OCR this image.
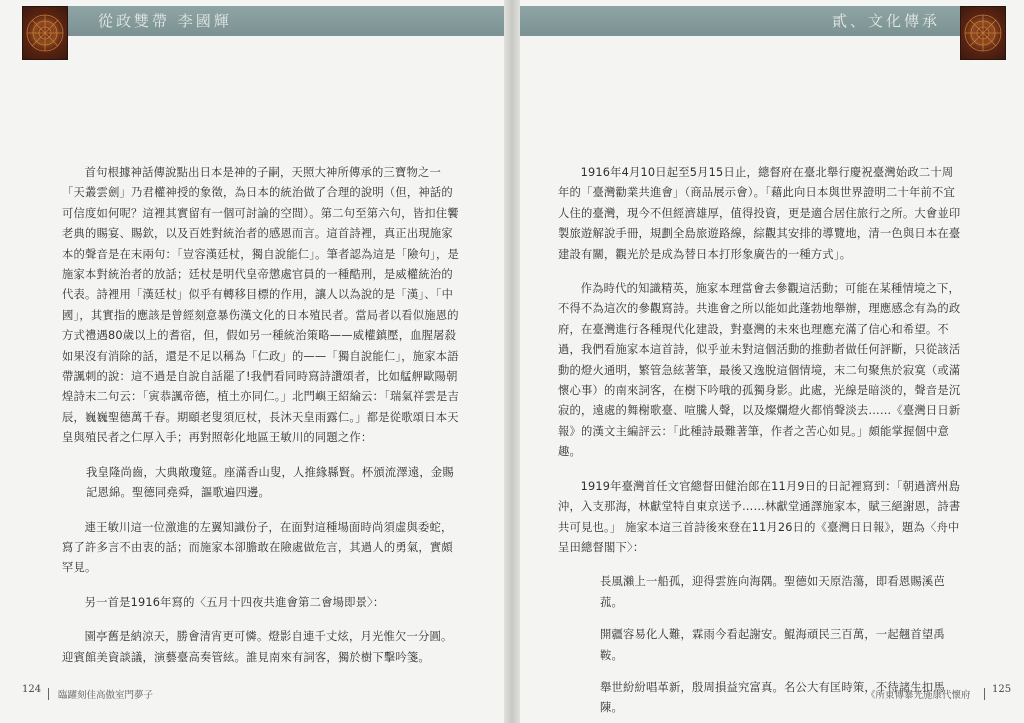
從政雙帶 李國輝	貳、文化傳承

首句根據神話傳說點出日本是神的子嗣，天照大神所傳承的三寶物之一「天叢雲劍」乃君權神授的象徵，為日本的統治做了合理的說明（但，神話的可信度如何呢？這裡其實留有一個可討論的空間）。第二句至第六句，皆扣住饗老典的賜宴、賜欽，以及百姓對統治者的感恩而言。這首詩裡，真正出現施家本的聲音是在末兩句：「豈容漢廷杖，獨自說能仁」。筆者認為這是「險句」，是施家本對統治者的放話；廷杖是明代皇帝懲處官員的一種酷刑，是威權統治的代表。詩裡用「漢廷杖」似乎有轉移目標的作用，讓人以為說的是「漢」、「中國」，其實指的應該是曾經刻意暴伤漢文化的日本殖民者。當局者以看似施恩的方式禮遇80歲以上的耆宿，但，假如另一種統治策略——威權鎮壓，血腥屠殺如果沒有消除的話，還是不足以稱為「仁政」的——「獨自說能仁」，施家本語帶諷刺的說：這不過是自說自話罷了!我們看同時寫詩讚頌者，比如艋舺歐陽朝煌詩末二句云：「寅恭諷帝德，植土亦同仁。」北門嶼王紹綸云：「瑞氣祥雲是吉辰，巍巍聖德萬千春。期頤老叟須厄杖，長沐天皇雨露仁。」都是從歌頌日本天皇與殖民者之仁厚入手；再對照彰化地區王敏川的同題之作：

我皇隆尚齒，大典敞瓊筵。座滿香山叟，人推緣縣賢。杯頒流澤遠，金賜記恩綿。聖德同堯舜，謳歌遍四邊。

連王敏川這一位激進的左翼知識份子，在面對這種場面時尚須虛與委蛇，寫了許多言不由衷的話；而施家本卻膽敢在險處做危言，其過人的勇氣，實頗罕見。

另一首是1916年寫的〈五月十四夜共進會第二會場即景〉：

園亭舊是納涼天，勝會清宵更可憐。燈影自連千丈炫，月光惟欠一分圓。迎賓館美資談議，演藝臺高奏管絃。誰見南來有詞客，獨於樹下擊吟箋。

1916年4月10日起至5月15日止，總督府在臺北舉行慶祝臺灣始政二十周年的「臺灣勸業共進會」（商品展示會）。「藉此向日本與世界證明二十年前不宜人住的臺灣，現今不但經濟雄厚，值得投資，更是適合居住旅行之所。大會並印製旅遊解說手冊，規劃全島旅遊路線，綜觀其安排的導覽地，清一色與日本在臺建設有關，觀光於是成為替日本打形象廣告的一種方式」。

作為時代的知識精英，施家本理當會去參觀這活動；可能在某種情境之下，不得不為這次的參觀寫詩。共進會之所以能如此蓬勃地舉辦，理應感念有為的政府，在臺灣進行各種現代化建設，對臺灣的未來也理應充滿了信心和希望。不過，我們看施家本這首詩，似乎並未對這個活動的推動者做任何評斷，只從該活動的燈火通明，繁管急絃著筆，最後又逸脫這個情境，末二句聚焦於寂寞（或滿懷心事）的南來詞客，在樹下吟哦的孤獨身影。此處，光線是暗淡的，聲音是沉寂的，遠處的舞榭歌臺、喧騰人聲，以及燦爛燈火都悄聲淡去……《臺灣日日新報》的漢文主編評云：「此種詩最難著筆，作者之苦心如見。」頗能掌握個中意趣。

1919年臺灣首任文官總督田健治郎在11月9日的日記裡寫到：「朝過濟州島沖，入支那海，林獻堂特自東京送予……林獻堂通譯施家本，賦三絕謝恩，詩書共可見也。」 施家本這三首詩後來登在11月26日的《臺灣日日報》，題為〈舟中呈田總督閣下〉：

長風瀨上一船孤，迎得雲旌向海隅。聖德如天原浩蕩，即看恩賜溪芭菰。

開疆容易化人難，霖雨今看起謝安。鯤海頑民三百萬，一起翹首望禹鞍。

舉世紛紛唱革新，殷周損益究富真。名公大有匡時策，不待諸生扣馬陳。

124
臨躍刻佳高傲室門夢子	《所東傳暴光施康代懷府
125
